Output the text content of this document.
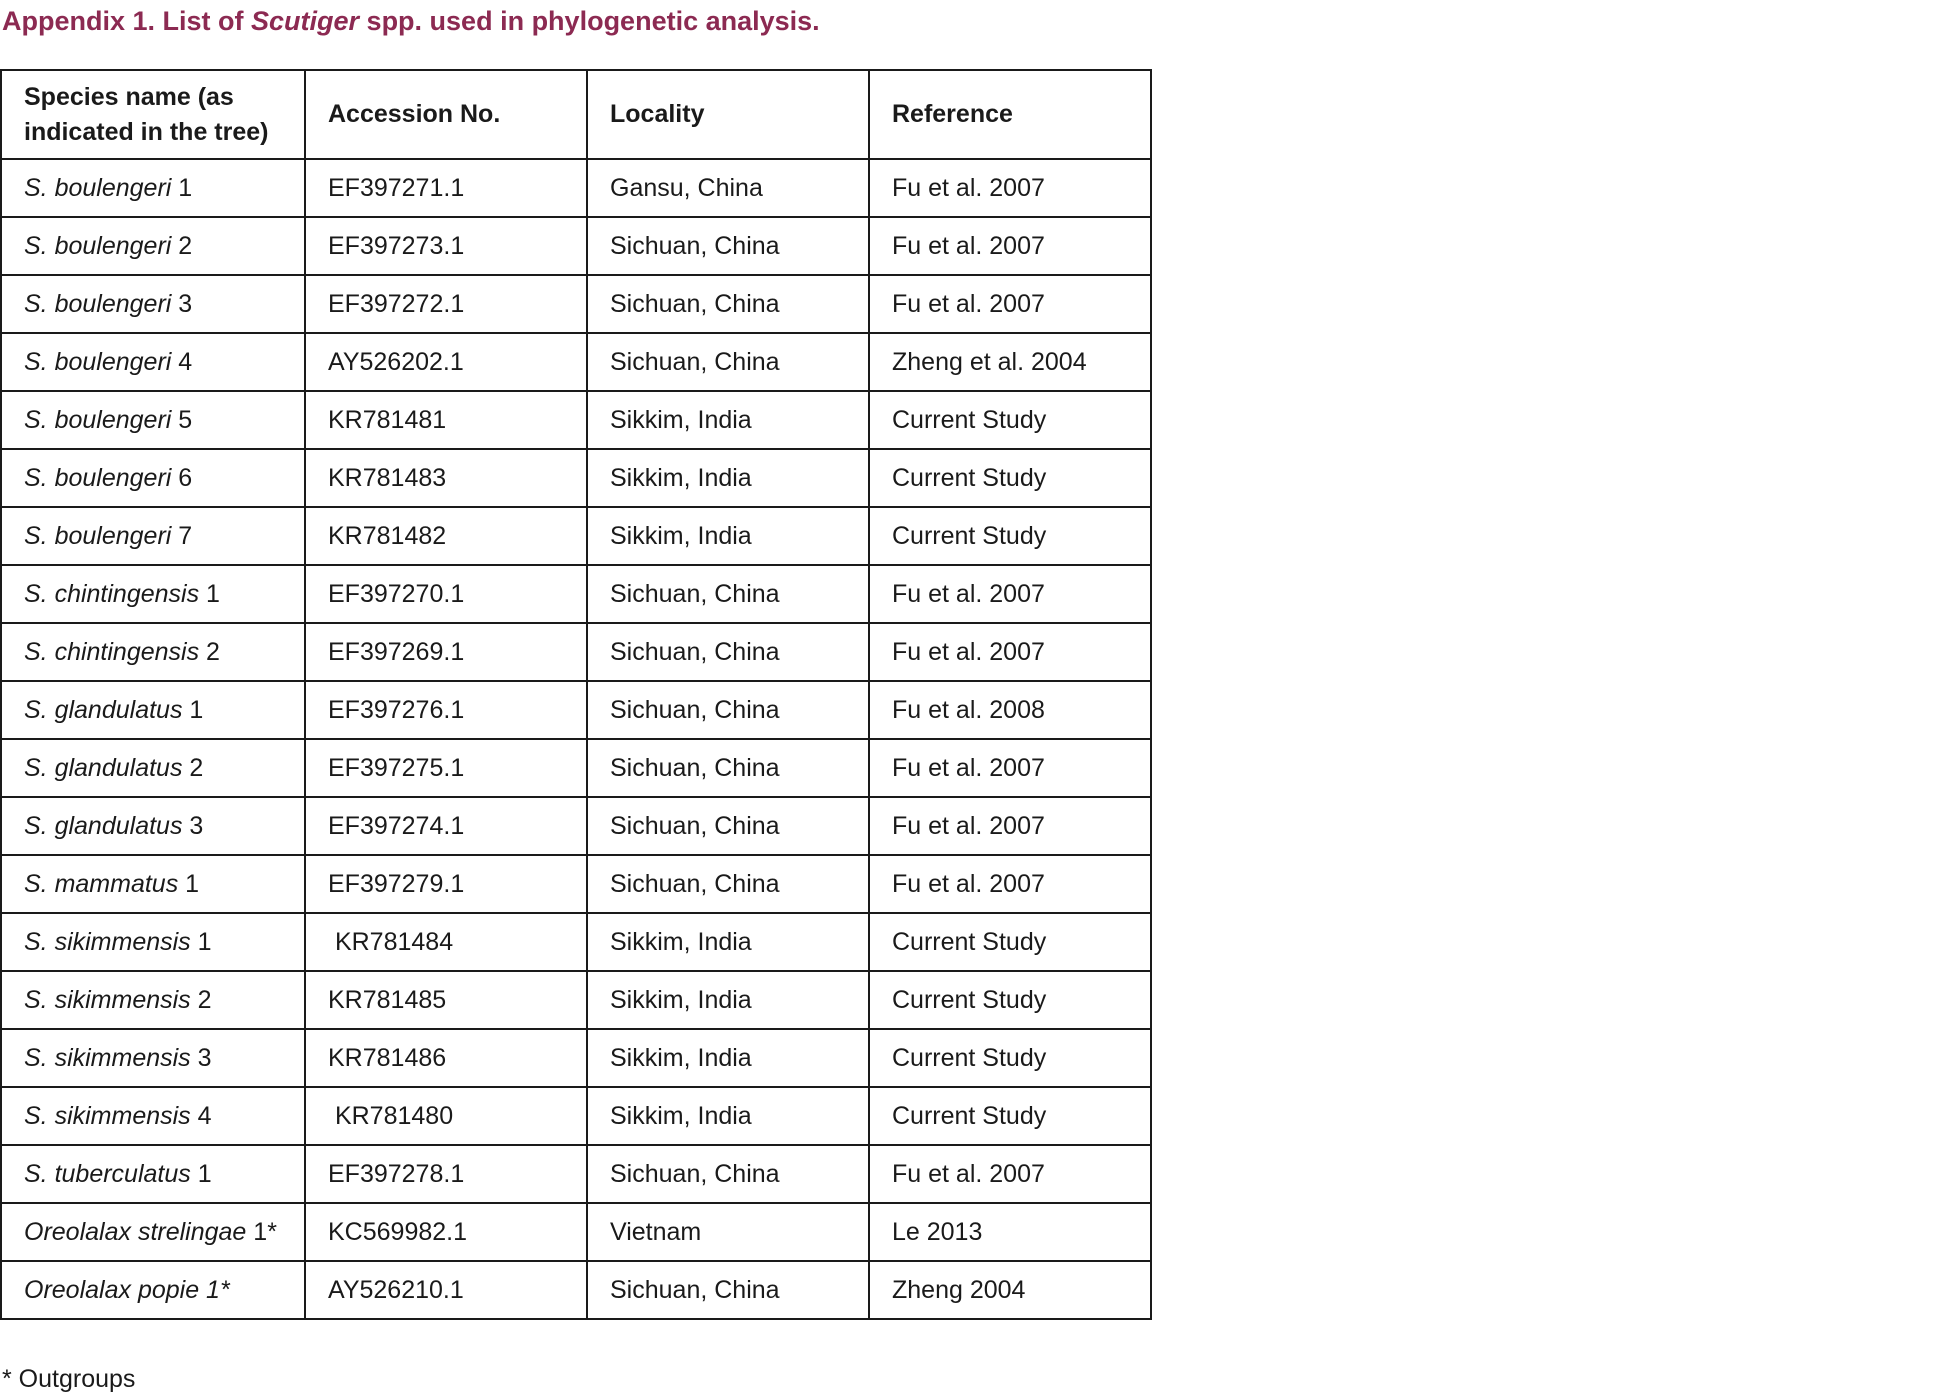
Appendix 1. List of Scutiger spp. used in phylogenetic analysis.
Species name (as indicated in the tree)	Accession No.	Locality	Reference
S. boulengeri 1	EF397271.1	Gansu, China	Fu et al. 2007
S. boulengeri 2	EF397273.1	Sichuan, China	Fu et al. 2007
S. boulengeri 3	EF397272.1	Sichuan, China	Fu et al. 2007
S. boulengeri 4	AY526202.1	Sichuan, China	Zheng et al. 2004
S. boulengeri 5	KR781481	Sikkim, India	Current Study
S. boulengeri 6	KR781483	Sikkim, India	Current Study
S. boulengeri 7	KR781482	Sikkim, India	Current Study
S. chintingensis 1	EF397270.1	Sichuan, China	Fu et al. 2007
S. chintingensis 2	EF397269.1	Sichuan, China	Fu et al. 2007
S. glandulatus 1	EF397276.1	Sichuan, China	Fu et al. 2008
S. glandulatus 2	EF397275.1	Sichuan, China	Fu et al. 2007
S. glandulatus 3	EF397274.1	Sichuan, China	Fu et al. 2007
S. mammatus 1	EF397279.1	Sichuan, China	Fu et al. 2007
S. sikimmensis 1	KR781484	Sikkim, India	Current Study
S. sikimmensis 2	KR781485	Sikkim, India	Current Study
S. sikimmensis 3	KR781486	Sikkim, India	Current Study
S. sikimmensis 4	KR781480	Sikkim, India	Current Study
S. tuberculatus 1	EF397278.1	Sichuan, China	Fu et al. 2007
Oreolalax strelingae 1*	KC569982.1	Vietnam	Le 2013
Oreolalax popie 1*	AY526210.1	Sichuan, China	Zheng 2004
* Outgroups
